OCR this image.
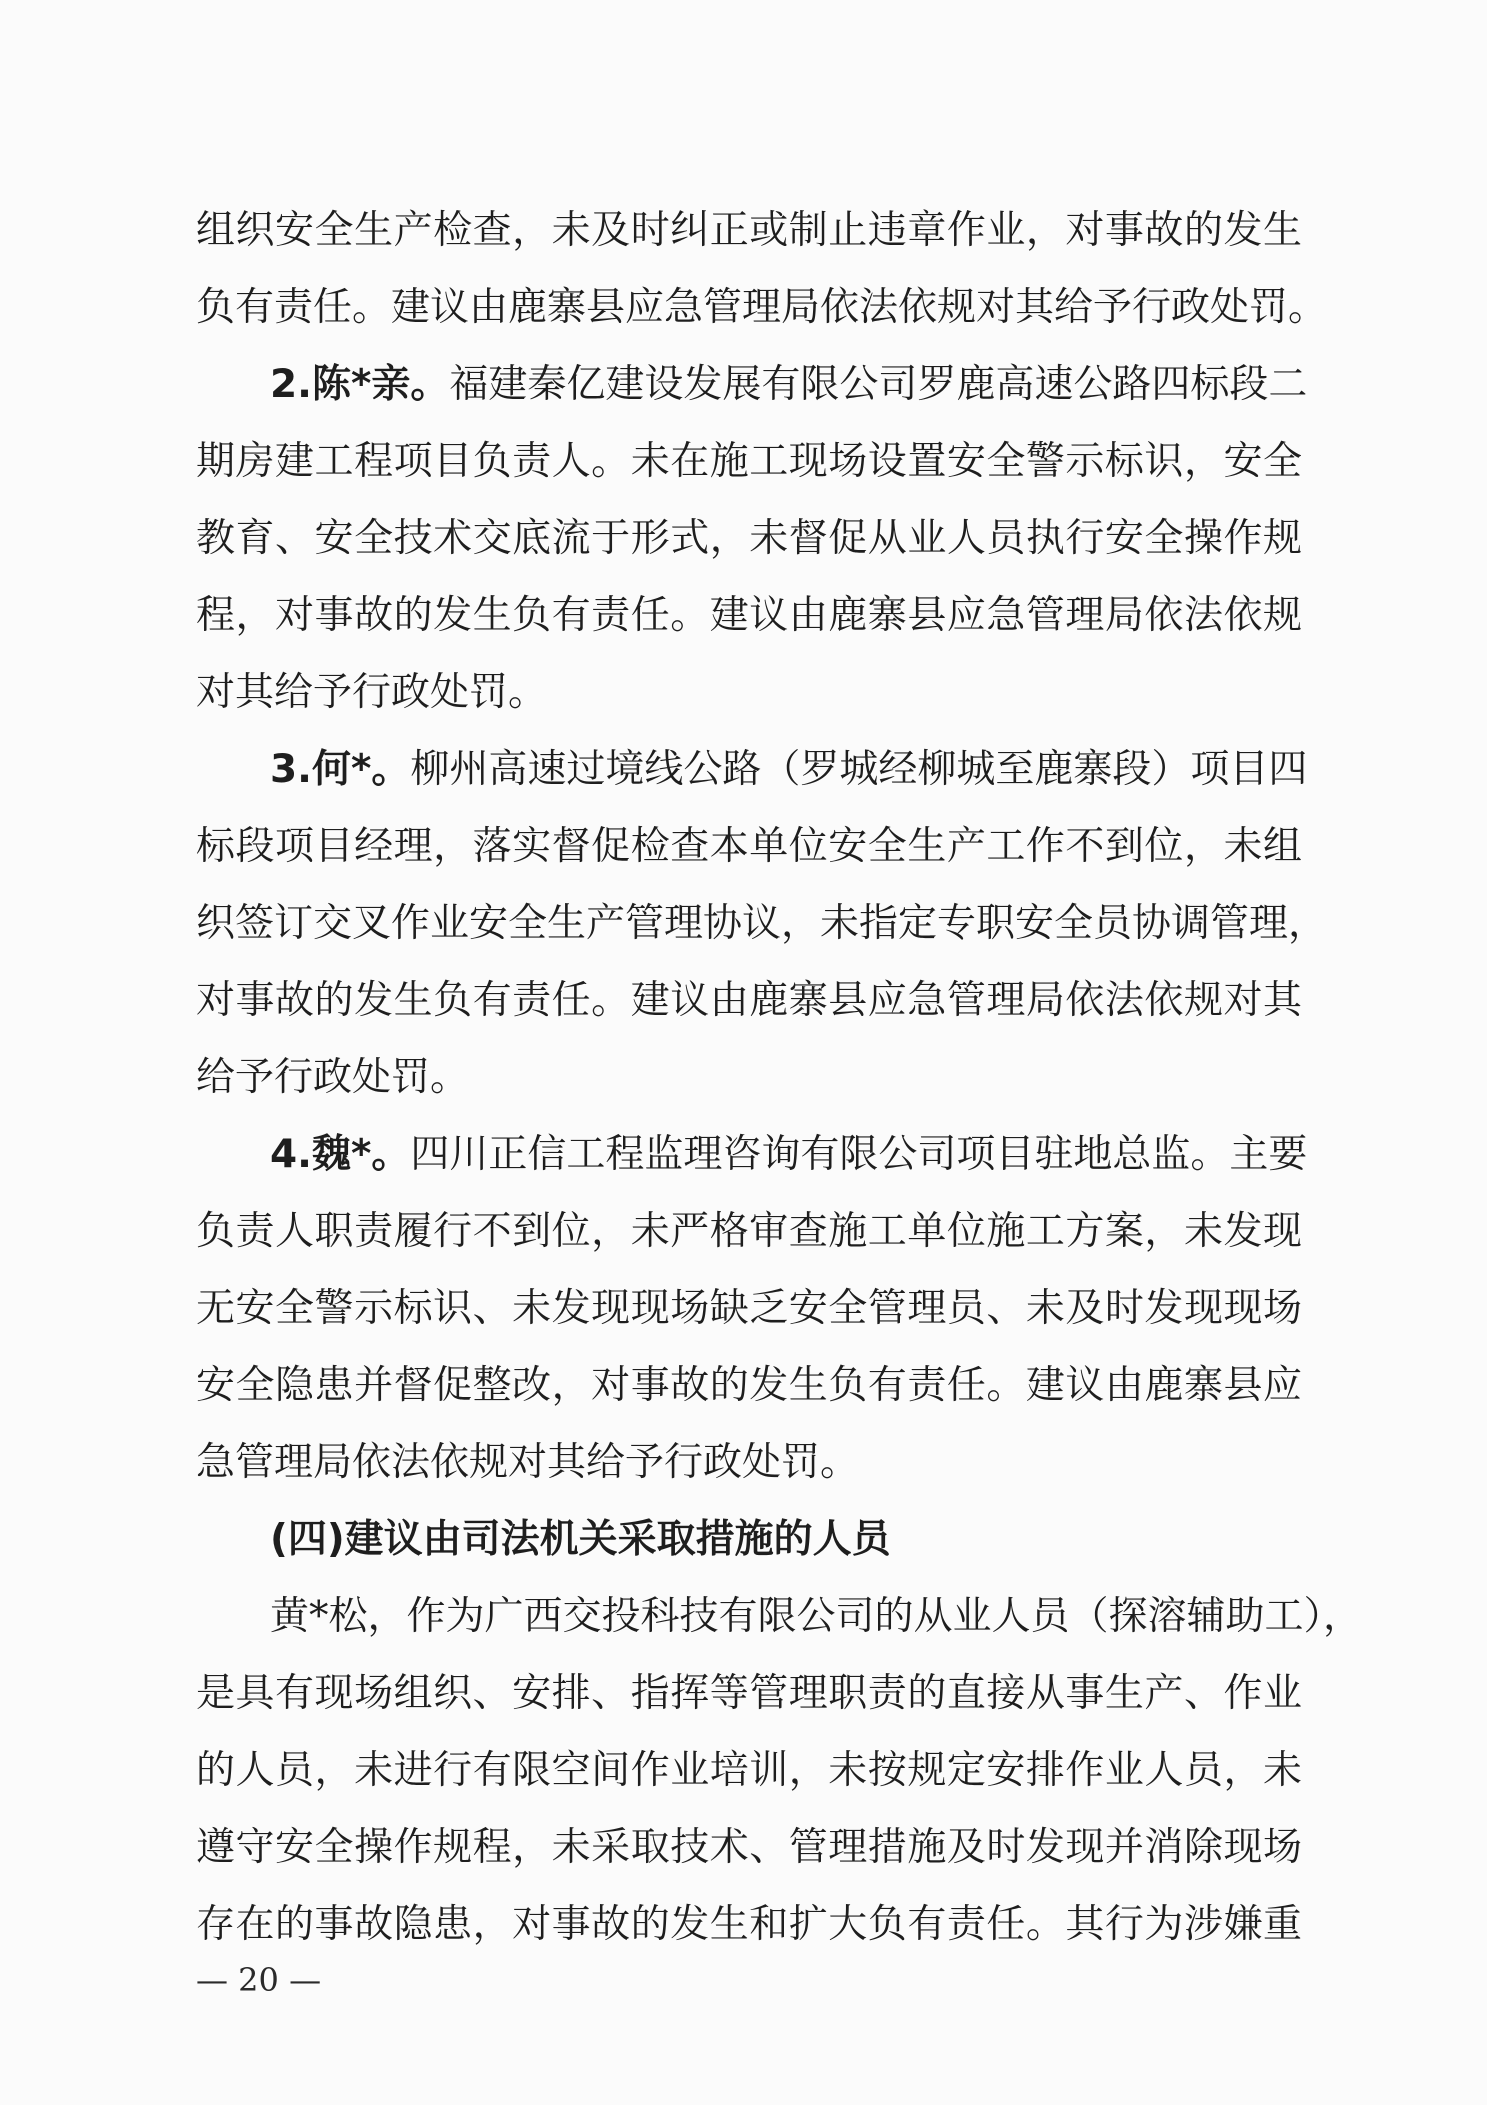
组织安全生产检查，未及时纠正或制止违章作业，对事故的发生
负有责任。建议由鹿寨县应急管理局依法依规对其给予行政处罚。
2.陈*亲。福建秦亿建设发展有限公司罗鹿高速公路四标段二
期房建工程项目负责人。未在施工现场设置安全警示标识，安全
教育、安全技术交底流于形式，未督促从业人员执行安全操作规
程，对事故的发生负有责任。建议由鹿寨县应急管理局依法依规
对其给予行政处罚。
3.何*。柳州高速过境线公路（罗城经柳城至鹿寨段）项目四
标段项目经理，落实督促检查本单位安全生产工作不到位，未组
织签订交叉作业安全生产管理协议，未指定专职安全员协调管理，
对事故的发生负有责任。建议由鹿寨县应急管理局依法依规对其
给予行政处罚。
4.魏*。四川正信工程监理咨询有限公司项目驻地总监。主要
负责人职责履行不到位，未严格审查施工单位施工方案，未发现
无安全警示标识、未发现现场缺乏安全管理员、未及时发现现场
安全隐患并督促整改，对事故的发生负有责任。建议由鹿寨县应
急管理局依法依规对其给予行政处罚。
(四)建议由司法机关采取措施的人员
黄*松，作为广西交投科技有限公司的从业人员（探溶辅助工），
是具有现场组织、安排、指挥等管理职责的直接从事生产、作业
的人员，未进行有限空间作业培训，未按规定安排作业人员，未
遵守安全操作规程，未采取技术、管理措施及时发现并消除现场
存在的事故隐患，对事故的发生和扩大负有责任。其行为涉嫌重
— 20 —
